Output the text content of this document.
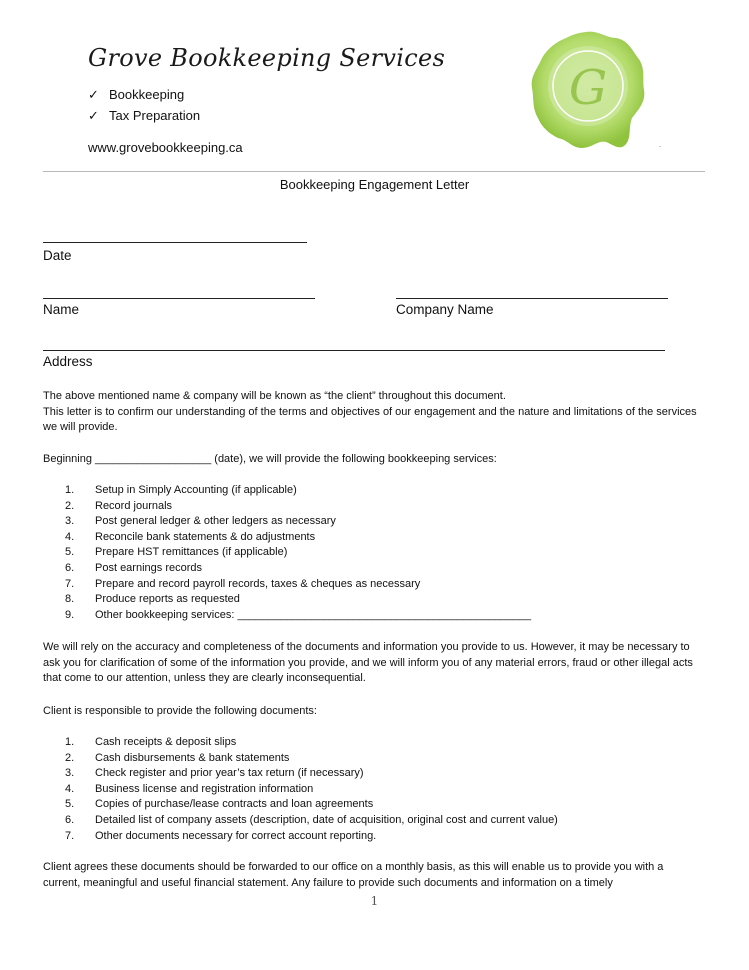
Grove Bookkeeping Services
✓ Bookkeeping
✓ Tax Preparation
www.grovebookkeeping.ca
G
.
Bookkeeping Engagement Letter
Date
Name	Company Name
Address
The above mentioned name & company will be known as “the client” throughout this document.
This letter is to confirm our understanding of the terms and objectives of our engagement and the nature and limitations of the services we will provide.
Beginning ___________________ (date), we will provide the following bookkeeping services:
1.	Setup in Simply Accounting (if applicable)
2.	Record journals
3.	Post general ledger & other ledgers as necessary
4.	Reconcile bank statements & do adjustments
5.	Prepare HST remittances (if applicable)
6.	Post earnings records
7.	Prepare and record payroll records, taxes & cheques as necessary
8.	Produce reports as requested
9.	Other bookkeeping services: ________________________________________________
We will rely on the accuracy and completeness of the documents and information you provide to us. However, it may be necessary to ask you for clarification of some of the information you provide, and we will inform you of any material errors, fraud or other illegal acts that come to our attention, unless they are clearly inconsequential.
Client is responsible to provide the following documents:
1.	Cash receipts & deposit slips
2.	Cash disbursements & bank statements
3.	Check register and prior year’s tax return (if necessary)
4.	Business license and registration information
5.	Copies of purchase/lease contracts and loan agreements
6.	Detailed list of company assets (description, date of acquisition, original cost and current value)
7.	Other documents necessary for correct account reporting.
Client agrees these documents should be forwarded to our office on a monthly basis, as this will enable us to provide you with a current, meaningful and useful financial statement. Any failure to provide such documents and information on a timely
1
